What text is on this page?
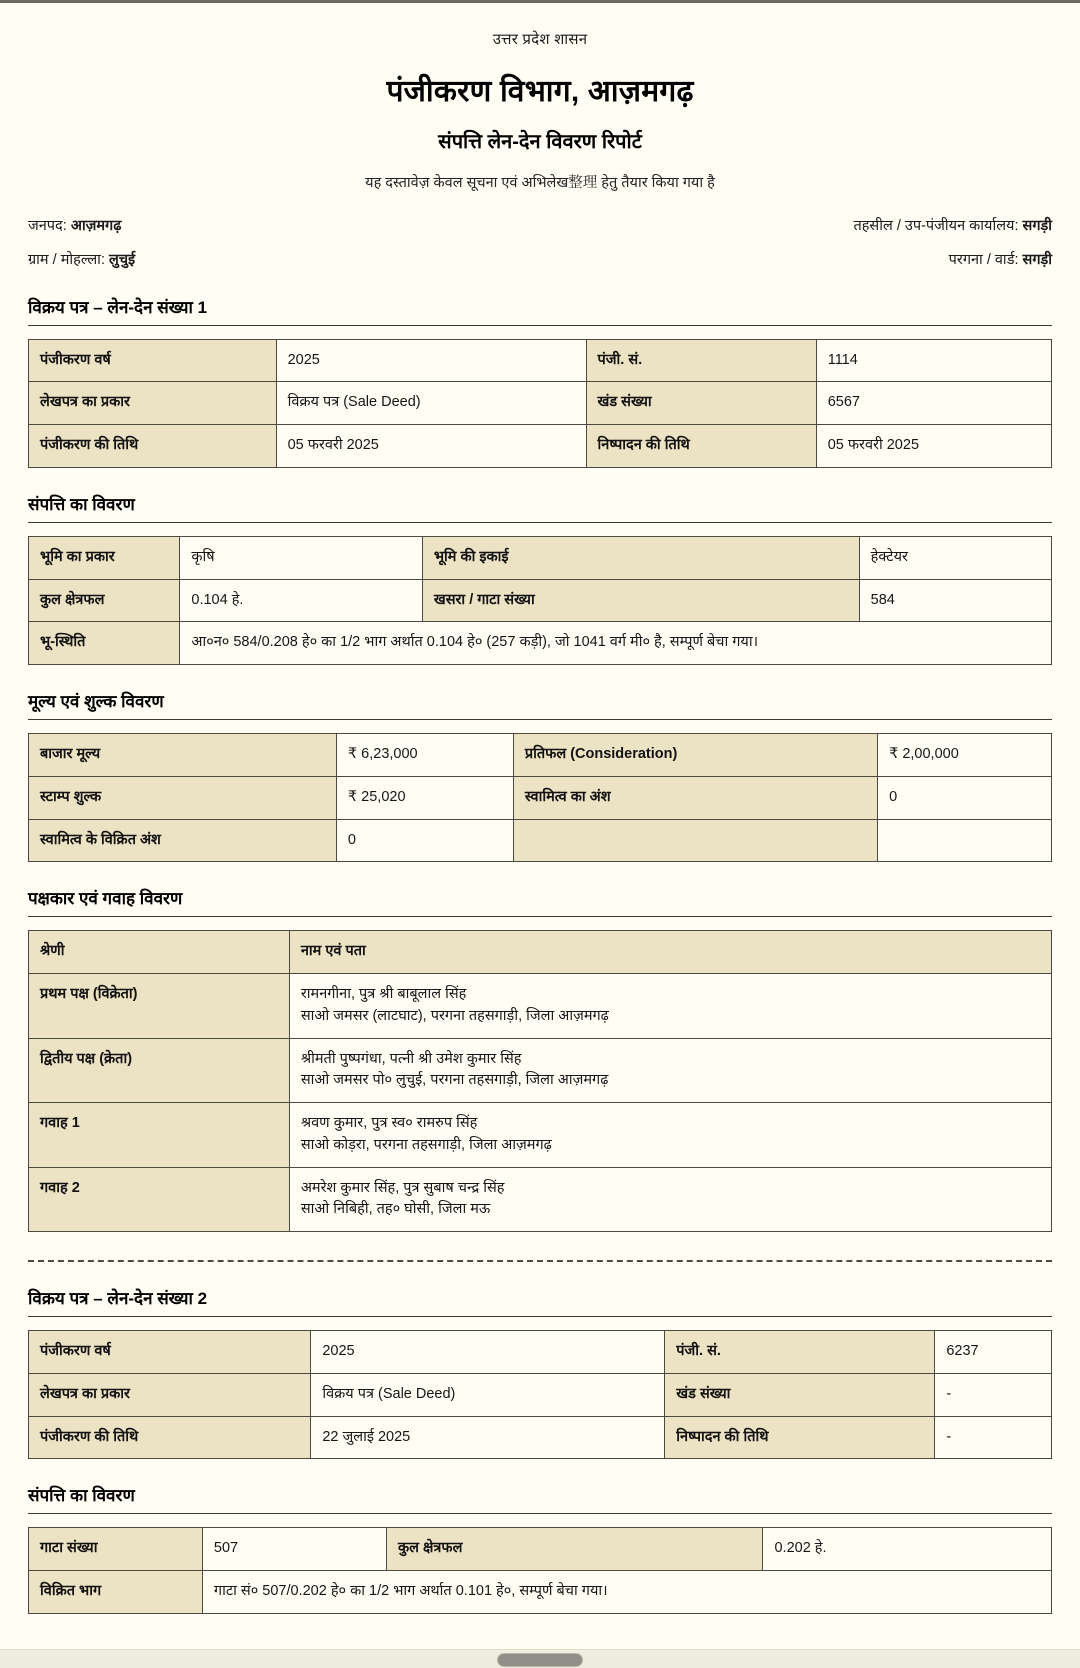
उत्तर प्रदेश शासन
पंजीकरण विभाग, आज़मगढ़
संपत्ति लेन-देन विवरण रिपोर्ट
यह दस्तावेज़ केवल सूचना एवं अभिलेख整理 हेतु तैयार किया गया है
जनपद: आज़मगढ़	तहसील / उप-पंजीयन कार्यालय: सगड़ी
ग्राम / मोहल्ला: लुचुई	परगना / वार्ड: सगड़ी
विक्रय पत्र – लेन-देन संख्या 1
पंजीकरण वर्ष	2025	पंजी. सं.	1114
लेखपत्र का प्रकार	विक्रय पत्र (Sale Deed)	खंड संख्या	6567
पंजीकरण की तिथि	05 फरवरी 2025	निष्पादन की तिथि	05 फरवरी 2025
संपत्ति का विवरण
भूमि का प्रकार	कृषि	भूमि की इकाई	हेक्टेयर
कुल क्षेत्रफल	0.104 हे.	खसरा / गाटा संख्या	584
भू-स्थिति	आ०न० 584/0.208 हे० का 1/2 भाग अर्थात 0.104 हे० (257 कड़ी), जो 1041 वर्ग मी० है, सम्पूर्ण बेचा गया।		
मूल्य एवं शुल्क विवरण
बाजार मूल्य	₹ 6,23,000	प्रतिफल (Consideration)	₹ 2,00,000
स्टाम्प शुल्क	₹ 25,020	स्वामित्व का अंश	0
स्वामित्व के विक्रित अंश	0		
पक्षकार एवं गवाह विवरण
श्रेणी	नाम एवं पता
प्रथम पक्ष (विक्रेता)	रामनगीना, पुत्र श्री बाबूलाल सिंह
साओ जमसर (लाटघाट), परगना तहसगाड़ी, जिला आज़मगढ़

द्वितीय पक्ष (क्रेता)	श्रीमती पुष्पगंधा, पत्नी श्री उमेश कुमार सिंह
साओ जमसर पो० लुचुई, परगना तहसगाड़ी, जिला आज़मगढ़

गवाह 1	श्रवण कुमार, पुत्र स्व० रामरुप सिंह
साओ कोड़रा, परगना तहसगाड़ी, जिला आज़मगढ़

गवाह 2	अमरेश कुमार सिंह, पुत्र सुबाष चन्द्र सिंह
साओ निबिही, तह० घोसी, जिला मऊ
विक्रय पत्र – लेन-देन संख्या 2
पंजीकरण वर्ष	2025	पंजी. सं.	6237
लेखपत्र का प्रकार	विक्रय पत्र (Sale Deed)	खंड संख्या	-
पंजीकरण की तिथि	22 जुलाई 2025	निष्पादन की तिथि	-
संपत्ति का विवरण
गाटा संख्या	507	कुल क्षेत्रफल	0.202 हे.
विक्रित भाग	गाटा सं० 507/0.202 हे० का 1/2 भाग अर्थात 0.101 हे०, सम्पूर्ण बेचा गया।		
